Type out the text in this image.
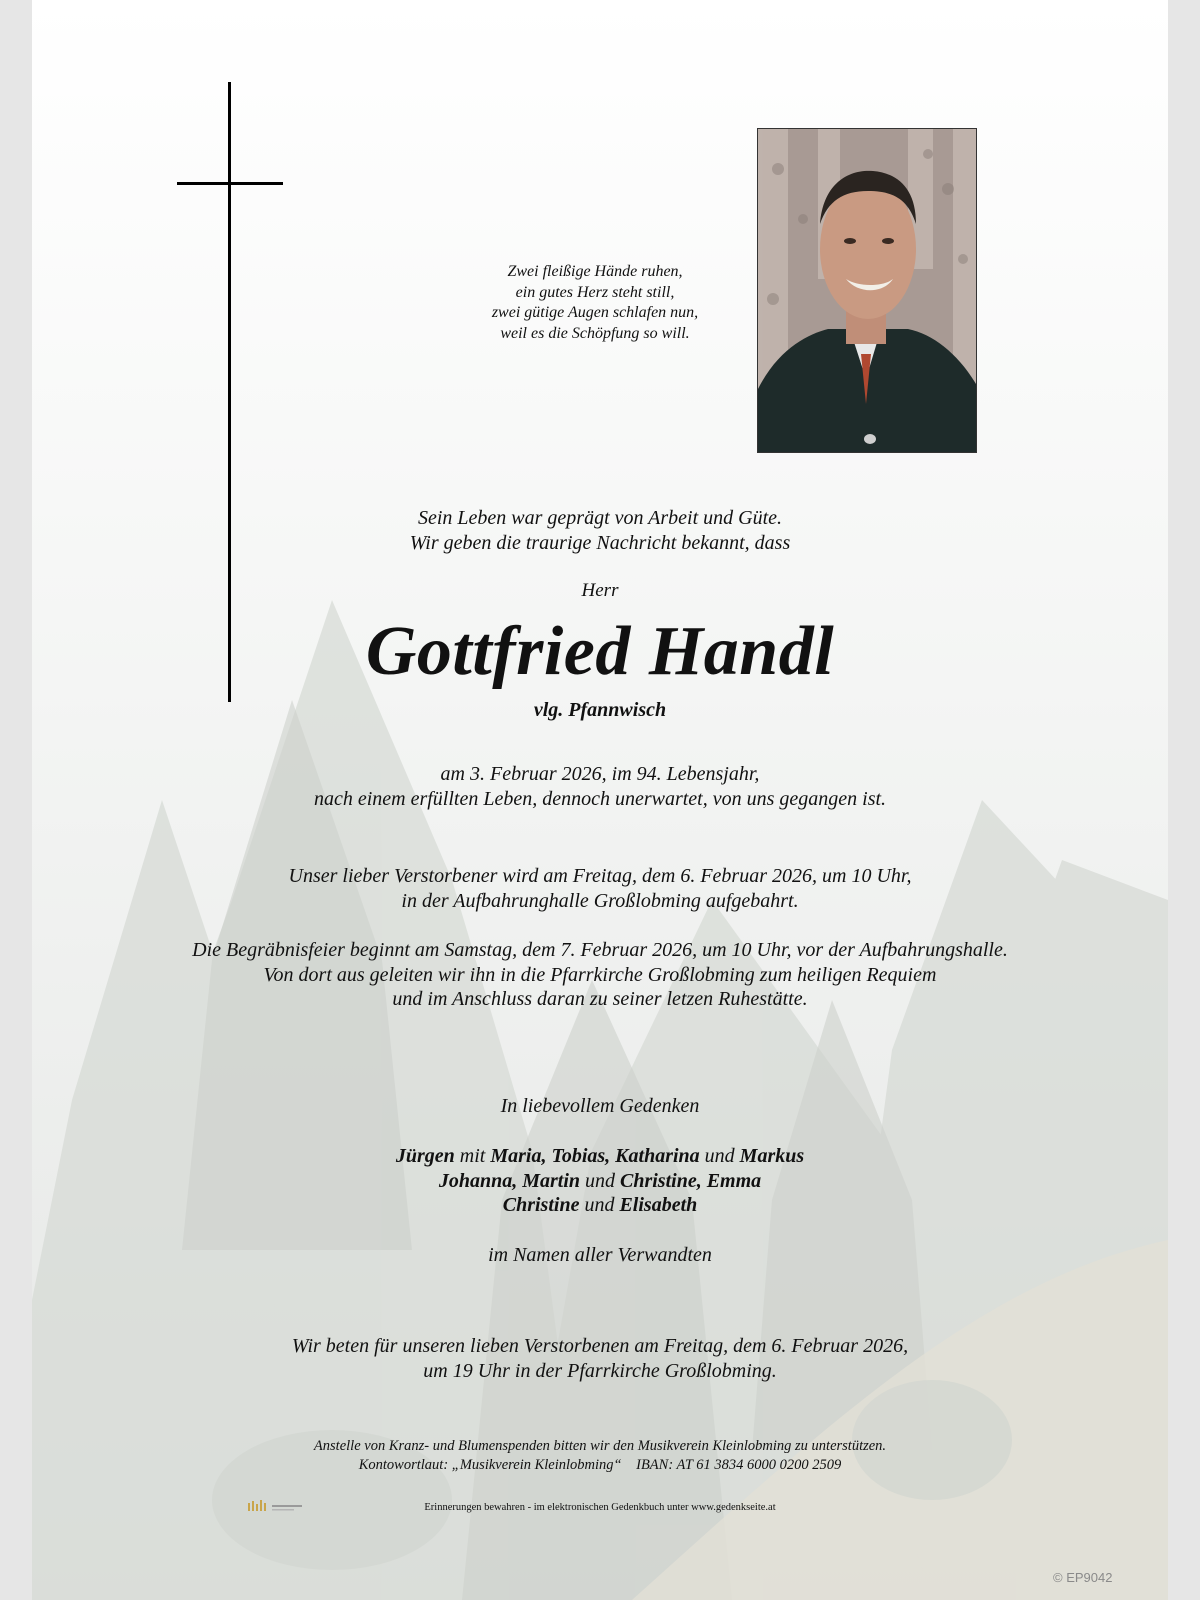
Zwei fleißige Hände ruhen,
ein gutes Herz steht still,
zwei gütige Augen schlafen nun,
weil es die Schöpfung so will.
Sein Leben war geprägt von Arbeit und Güte.
Wir geben die traurige Nachricht bekannt, dass
Herr
Gottfried Handl
vlg. Pfannwisch
am 3. Februar 2026, im 94. Lebensjahr,
nach einem erfüllten Leben, dennoch unerwartet, von uns gegangen ist.
Unser lieber Verstorbener wird am Freitag, dem 6. Februar 2026, um 10 Uhr,
in der Aufbahrunghalle Großlobming aufgebahrt.
Die Begräbnisfeier beginnt am Samstag, dem 7. Februar 2026, um 10 Uhr, vor der Aufbahrungshalle.
Von dort aus geleiten wir ihn in die Pfarrkirche Großlobming zum heiligen Requiem
und im Anschluss daran zu seiner letzen Ruhestätte.
In liebevollem Gedenken
Jürgen mit Maria, Tobias, Katharina und Markus
Johanna, Martin und Christine, Emma
Christine und Elisabeth
im Namen aller Verwandten
Wir beten für unseren lieben Verstorbenen am Freitag, dem 6. Februar 2026,
um 19 Uhr in der Pfarrkirche Großlobming.
Anstelle von Kranz- und Blumenspenden bitten wir den Musikverein Kleinlobming zu unterstützen.
Kontowortlaut: „Musikverein Kleinlobming“    IBAN: AT 61 3834 6000 0200 2509
Erinnerungen bewahren - im elektronischen Gedenkbuch unter www.gedenkseite.at
© EP9042
